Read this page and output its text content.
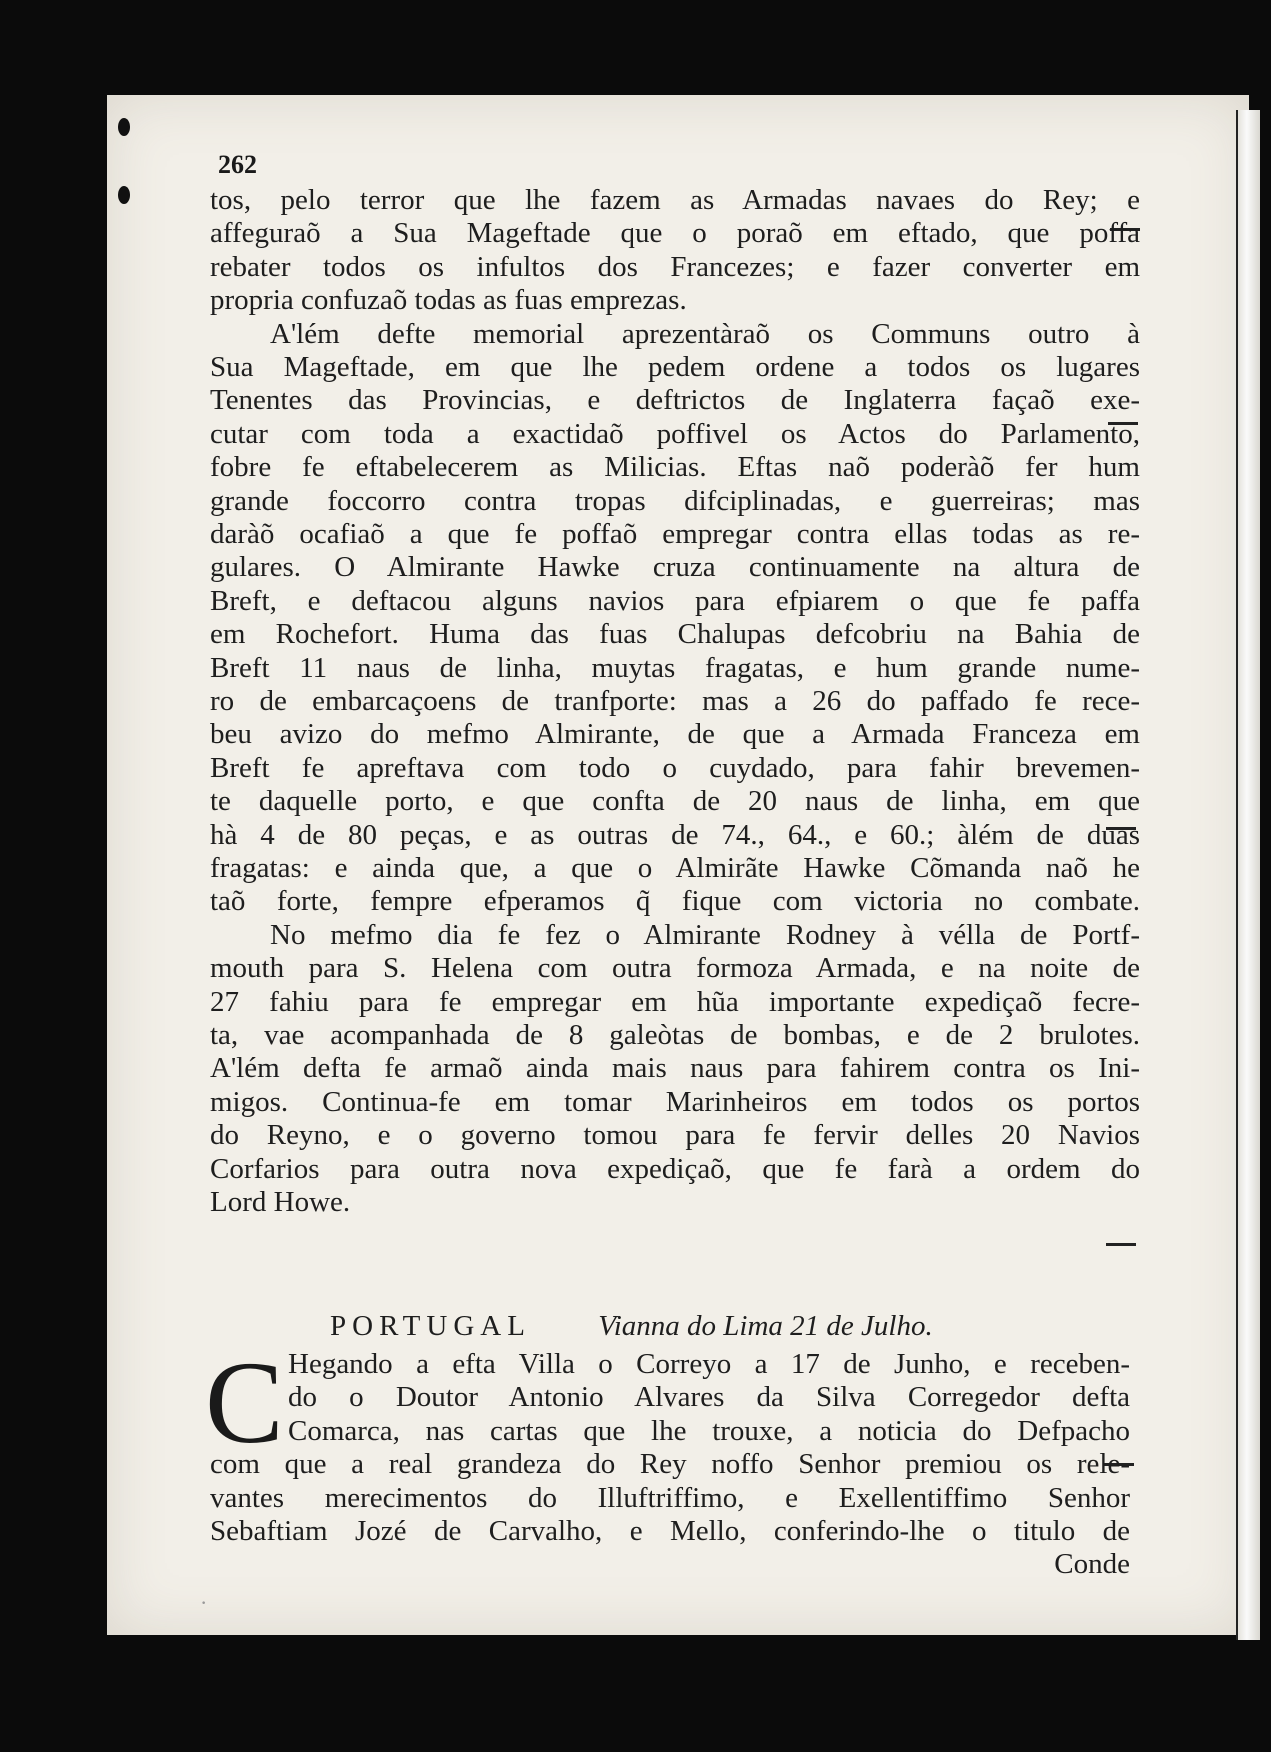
262
tos, pelo terror que lhe fazem as Armadas navaes do Rey; e
affeguraõ a Sua Mageftade que o poraõ em eftado, que poffa
rebater todos os infultos dos Francezes; e fazer converter em
propria confuzaõ todas as fuas emprezas.
A'lém defte memorial aprezentàraõ os Communs outro à
Sua Mageftade, em que lhe pedem ordene a todos os lugares
Tenentes das Provincias, e deftrictos de Inglaterra façaõ exe-
cutar com toda a exactidaõ poffivel os Actos do Parlamento,
fobre fe eftabelecerem as Milicias. Eftas naõ poderàõ fer hum
grande foccorro contra tropas difciplinadas, e guerreiras; mas
daràõ ocafiaõ a que fe poffaõ empregar contra ellas todas as re-
gulares. O Almirante Hawke cruza continuamente na altura de
Breft, e deftacou alguns navios para efpiarem o que fe paffa
em Rochefort. Huma das fuas Chalupas defcobriu na Bahia de
Breft 11 naus de linha, muytas fragatas, e hum grande nume-
ro de embarcaçoens de tranfporte: mas a 26 do paffado fe rece-
beu avizo do mefmo Almirante, de que a Armada Franceza em
Breft fe apreftava com todo o cuydado, para fahir brevemen-
te daquelle porto, e que confta de 20 naus de linha, em que
hà 4 de 80 peças, e as outras de 74., 64., e 60.; àlém de duas
fragatas: e ainda que, a que o Almirãte Hawke Cõmanda naõ he
taõ forte, fempre efperamos q̃ fique com victoria no combate.
No mefmo dia fe fez o Almirante Rodney à vélla de Portf-
mouth para S. Helena com outra formoza Armada, e na noite de
27 fahiu para fe empregar em hũa importante expediçaõ fecre-
ta, vae acompanhada de 8 galeòtas de bombas, e de 2 brulotes.
A'lém defta fe armaõ ainda mais naus para fahirem contra os Ini-
migos. Continua-fe em tomar Marinheiros em todos os portos
do Reyno, e o governo tomou para fe fervir delles 20 Navios
Corfarios para outra nova expediçaõ, que fe farà a ordem do
Lord Howe.
Hegando a efta Villa o Correyo a 17 de Junho, e receben-
do o Doutor Antonio Alvares da Silva Corregedor defta
Comarca, nas cartas que lhe trouxe, a noticia do Defpacho
com que a real grandeza do Rey noffo Senhor premiou os rele-
vantes merecimentos do Illuftriffimo, e Exellentiffimo Senhor
Sebaftiam Jozé de Carvalho, e Mello, conferindo-lhe o titulo de
Conde
PORTUGAL Vianna do Lima 21 de Julho.
C
·
